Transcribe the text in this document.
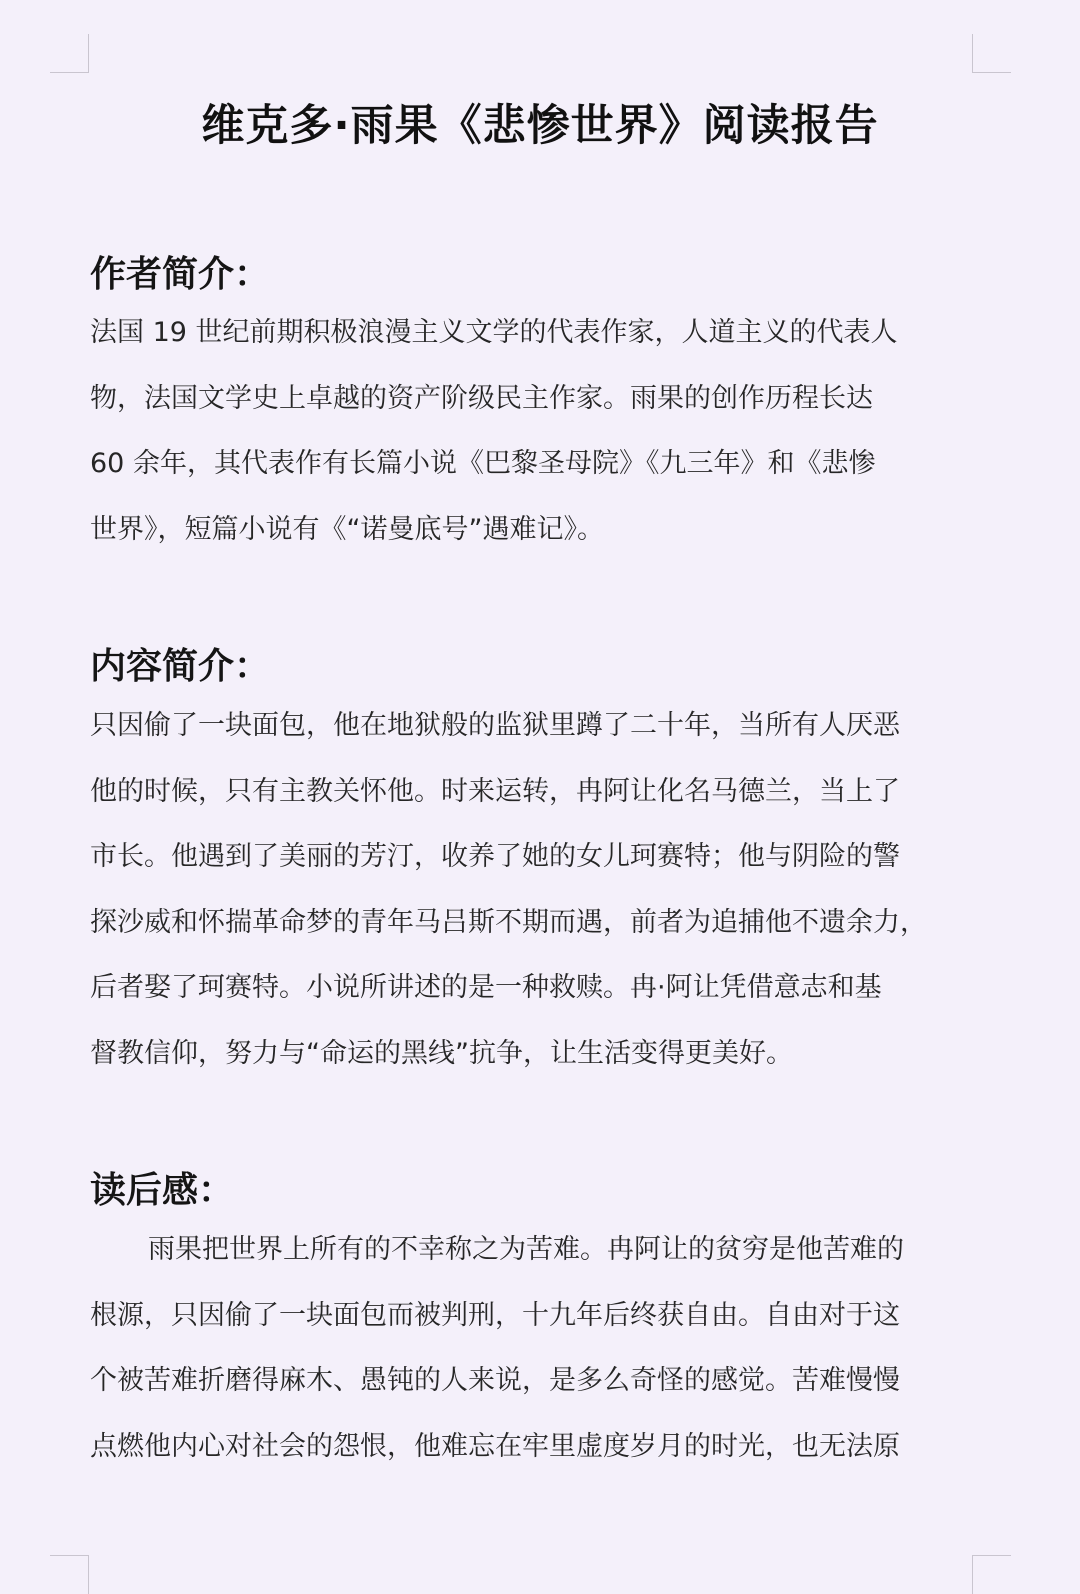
维克多·雨果《悲惨世界》阅读报告
作者简介：
法国 19 世纪前期积极浪漫主义文学的代表作家，人道主义的代表人
物，法国文学史上卓越的资产阶级民主作家。雨果的创作历程长达
60 余年，其代表作有长篇小说《巴黎圣母院》《九三年》和《悲惨
世界》，短篇小说有《“诺曼底号”遇难记》。
内容简介：
只因偷了一块面包，他在地狱般的监狱里蹲了二十年，当所有人厌恶
他的时候，只有主教关怀他。时来运转，冉阿让化名马德兰，当上了
市长。他遇到了美丽的芳汀，收养了她的女儿珂赛特；他与阴险的警
探沙威和怀揣革命梦的青年马吕斯不期而遇，前者为追捕他不遗余力，
后者娶了珂赛特。小说所讲述的是一种救赎。冉·阿让凭借意志和基
督教信仰，努力与“命运的黑线”抗争，让生活变得更美好。
读后感：
雨果把世界上所有的不幸称之为苦难。冉阿让的贫穷是他苦难的
根源，只因偷了一块面包而被判刑，十九年后终获自由。自由对于这
个被苦难折磨得麻木、愚钝的人来说，是多么奇怪的感觉。苦难慢慢
点燃他内心对社会的怨恨，他难忘在牢里虚度岁月的时光，也无法原
